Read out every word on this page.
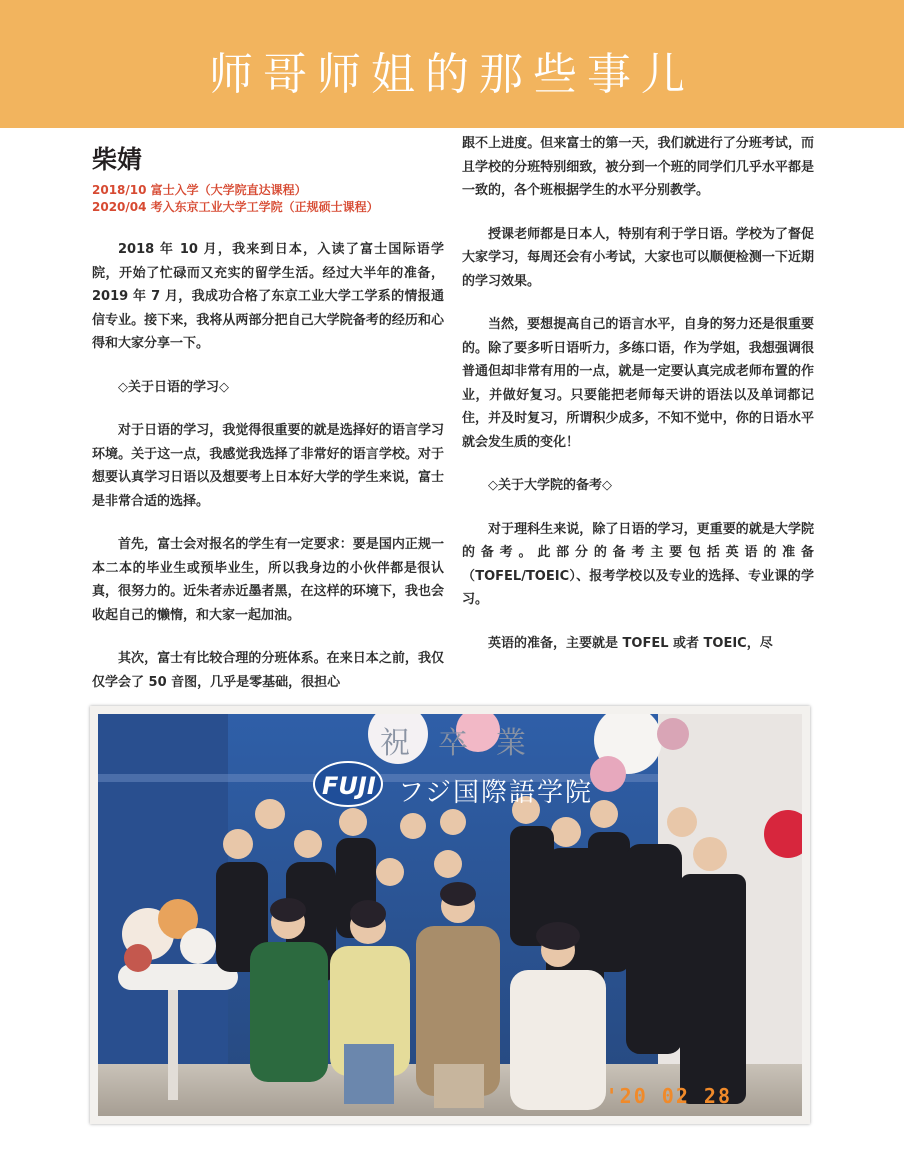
师哥师姐的那些事儿
柴婧
2018/10 富士入学（大学院直达课程）
2020/04 考入东京工业大学工学院（正规硕士课程）

2018 年 10 月，我来到日本，入读了富士国际语学院，开始了忙碌而又充实的留学生活。经过大半年的准备，2019 年 7 月，我成功合格了东京工业大学工学系的情报通信专业。接下来，我将从两部分把自己大学院备考的经历和心得和大家分享一下。

◇关于日语的学习◇

对于日语的学习，我觉得很重要的就是选择好的语言学习环境。关于这一点，我感觉我选择了非常好的语言学校。对于想要认真学习日语以及想要考上日本好大学的学生来说，富士是非常合适的选择。

首先，富士会对报名的学生有一定要求：要是国内正规一本二本的毕业生或预毕业生，所以我身边的小伙伴都是很认真，很努力的。近朱者赤近墨者黑，在这样的环境下，我也会收起自己的懒惰，和大家一起加油。

其次，富士有比较合理的分班体系。在来日本之前，我仅仅学会了 50 音图，几乎是零基础，很担心

跟不上进度。但来富士的第一天，我们就进行了分班考试，而且学校的分班特别细致，被分到一个班的同学们几乎水平都是一致的，各个班根据学生的水平分别教学。

授课老师都是日本人，特别有利于学日语。学校为了督促大家学习，每周还会有小考试，大家也可以顺便检测一下近期的学习效果。

当然，要想提高自己的语言水平，自身的努力还是很重要的。除了要多听日语听力，多练口语，作为学姐，我想强调很普通但却非常有用的一点，就是一定要认真完成老师布置的作业，并做好复习。只要能把老师每天讲的语法以及单词都记住，并及时复习，所谓积少成多，不知不觉中，你的日语水平就会发生质的变化！

◇关于大学院的备考◇

对于理科生来说，除了日语的学习，更重要的就是大学院的备考。此部分的备考主要包括英语的准备（TOFEL/TOEIC）、报考学校以及专业的选择、专业课的学习。

英语的准备，主要就是 TOFEL 或者 TOEIC，尽

祝卒業
FUJI フジ国際語学院
'20 02 28
